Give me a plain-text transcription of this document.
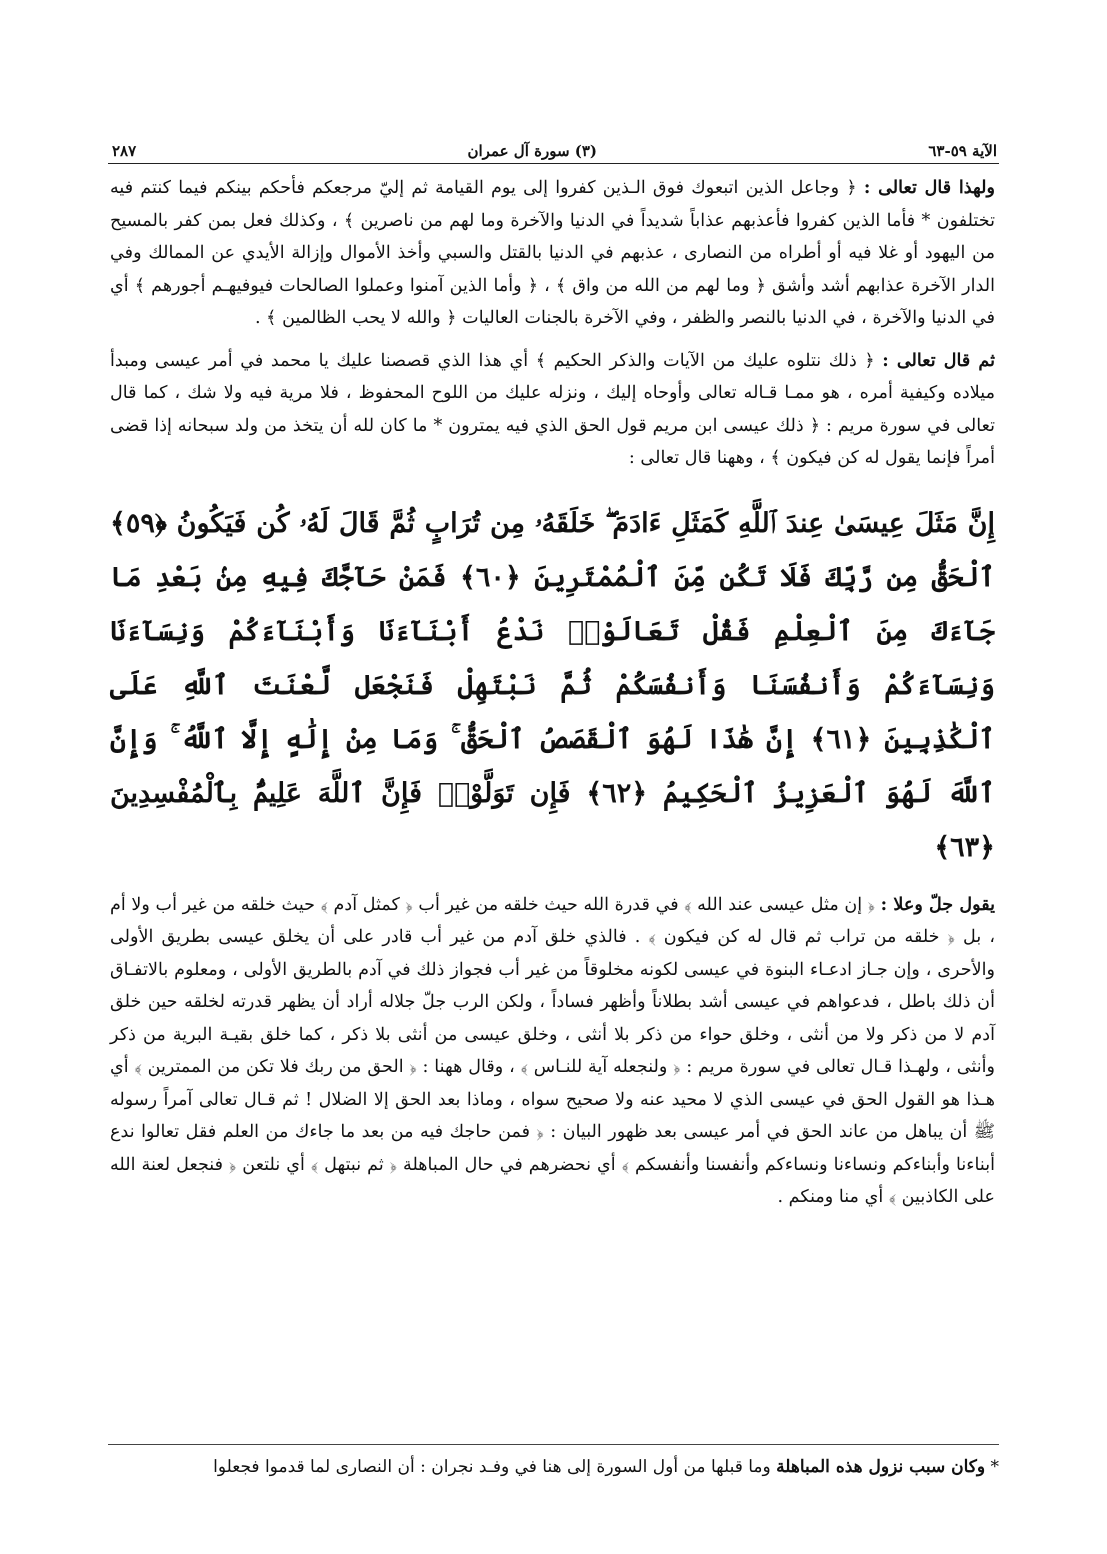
الآية ٥٩-٦٣
(٣) سورة آل عمران
٢٨٧

ولهذا قال تعالى : ﴿ وجاعل الذين اتبعوك فوق الـذين كفروا إلى يوم القيامة ثم إليّ مرجعكم فأحكم بينكم فيما كنتم فيه تختلفون * فأما الذين كفروا فأعذبهم عذاباً شديداً في الدنيا والآخرة وما لهم من ناصرين ﴾ ، وكذلك فعل بمن كفر بالمسيح من اليهود أو غلا فيه أو أطراه من النصارى ، عذبهم في الدنيا بالقتل والسبي وأخذ الأموال وإزالة الأيدي عن الممالك وفي الدار الآخرة عذابهم أشد وأشق ﴿ وما لهم من الله من واق ﴾ ، ﴿ وأما الذين آمنوا وعملوا الصالحات فيوفيهـم أجورهم ﴾ أي في الدنيا والآخرة ، في الدنيا بالنصر والظفر ، وفي الآخرة بالجنات العاليات ﴿ والله لا يحب الظالمين ﴾ .

ثم قال تعالى : ﴿ ذلك نتلوه عليك من الآيات والذكر الحكيم ﴾ أي هذا الذي قصصنا عليك يا محمد في أمر عيسى ومبدأ ميلاده وكيفية أمره ، هو ممـا قـاله تعالى وأوحاه إليك ، ونزله عليك من اللوح المحفوظ ، فلا مرية فيه ولا شك ، كما قال تعالى في سورة مريم : ﴿ ذلك عيسى ابن مريم قول الحق الذي فيه يمترون * ما كان لله أن يتخذ من ولد سبحانه إذا قضى أمراً فإنما يقول له كن فيكون ﴾ ، وههنا قال تعالى :

إِنَّ مَثَلَ عِيسَىٰ عِندَ ٱللَّهِ كَمَثَلِ ءَادَمَ ۖ خَلَقَهُۥ مِن تُرَابٍ ثُمَّ قَالَ لَهُۥ كُن فَيَكُونُ ﴿٥٩﴾ ٱلْحَقُّ مِن رَّبِّكَ فَلَا تَكُن مِّنَ ٱلْمُمْتَرِينَ ﴿٦٠﴾ فَمَنْ حَآجَّكَ فِيهِ مِنۢ بَعْدِ مَا جَآءَكَ مِنَ ٱلْعِلْمِ فَقُلْ تَعَالَوْا۟ نَدْعُ أَبْنَآءَنَا وَأَبْنَآءَكُمْ وَنِسَآءَنَا وَنِسَآءَكُمْ وَأَنفُسَنَا وَأَنفُسَكُمْ ثُمَّ نَبْتَهِلْ فَنَجْعَل لَّعْنَتَ ٱللَّهِ عَلَى ٱلْكَٰذِبِينَ ﴿٦١﴾ إِنَّ هَٰذَا لَهُوَ ٱلْقَصَصُ ٱلْحَقُّ ۚ وَمَا مِنْ إِلَٰهٍ إِلَّا ٱللَّهُ ۚ وَإِنَّ ٱللَّهَ لَهُوَ ٱلْعَزِيزُ ٱلْحَكِيمُ ﴿٦٢﴾ فَإِن تَوَلَّوْا۟ فَإِنَّ ٱللَّهَ عَلِيمٌۢ بِٱلْمُفْسِدِينَ ﴿٦٣﴾

يقول جلّ وعلا : ﴿ إن مثل عيسى عند الله ﴾ في قدرة الله حيث خلقه من غير أب ﴿ كمثل آدم ﴾ حيث خلقه من غير أب ولا أم ، بل ﴿ خلقه من تراب ثم قال له كن فيكون ﴾ . فالذي خلق آدم من غير أب قادر على أن يخلق عيسى بطريق الأولى والأحرى ، وإن جـاز ادعـاء البنوة في عيسى لكونه مخلوقاً من غير أب فجواز ذلك في آدم بالطريق الأولى ، ومعلوم بالاتفـاق أن ذلك باطل ، فدعواهم في عيسى أشد بطلاناً وأظهر فساداً ، ولكن الرب جلّ جلاله أراد أن يظهر قدرته لخلقه حين خلق آدم لا من ذكر ولا من أنثى ، وخلق حواء من ذكر بلا أنثى ، وخلق عيسى من أنثى بلا ذكر ، كما خلق بقيـة البرية من ذكر وأنثى ، ولهـذا قـال تعالى في سورة مريم : ﴿ ولنجعله آية للنـاس ﴾ ، وقال ههنا : ﴿ الحق من ربك فلا تكن من الممترين ﴾ أي هـذا هو القول الحق في عيسى الذي لا محيد عنه ولا صحيح سواه ، وماذا بعد الحق إلا الضلال ! ثم قـال تعالى آمراً رسوله ﷺ أن يباهل من عاند الحق في أمر عيسى بعد ظهور البيان : ﴿ فمن حاجك فيه من بعد ما جاءك من العلم فقل تعالوا ندع أبناءنا وأبناءكم ونساءنا ونساءكم وأنفسنا وأنفسكم ﴾ أي نحضرهم في حال المباهلة ﴿ ثم نبتهل ﴾ أي نلتعن ﴿ فنجعل لعنة الله على الكاذبين ﴾ أي منا ومنكم .

* وكان سبب نزول هذه المباهلة وما قبلها من أول السورة إلى هنا في وفـد نجران : أن النصارى لما قدموا فجعلوا
